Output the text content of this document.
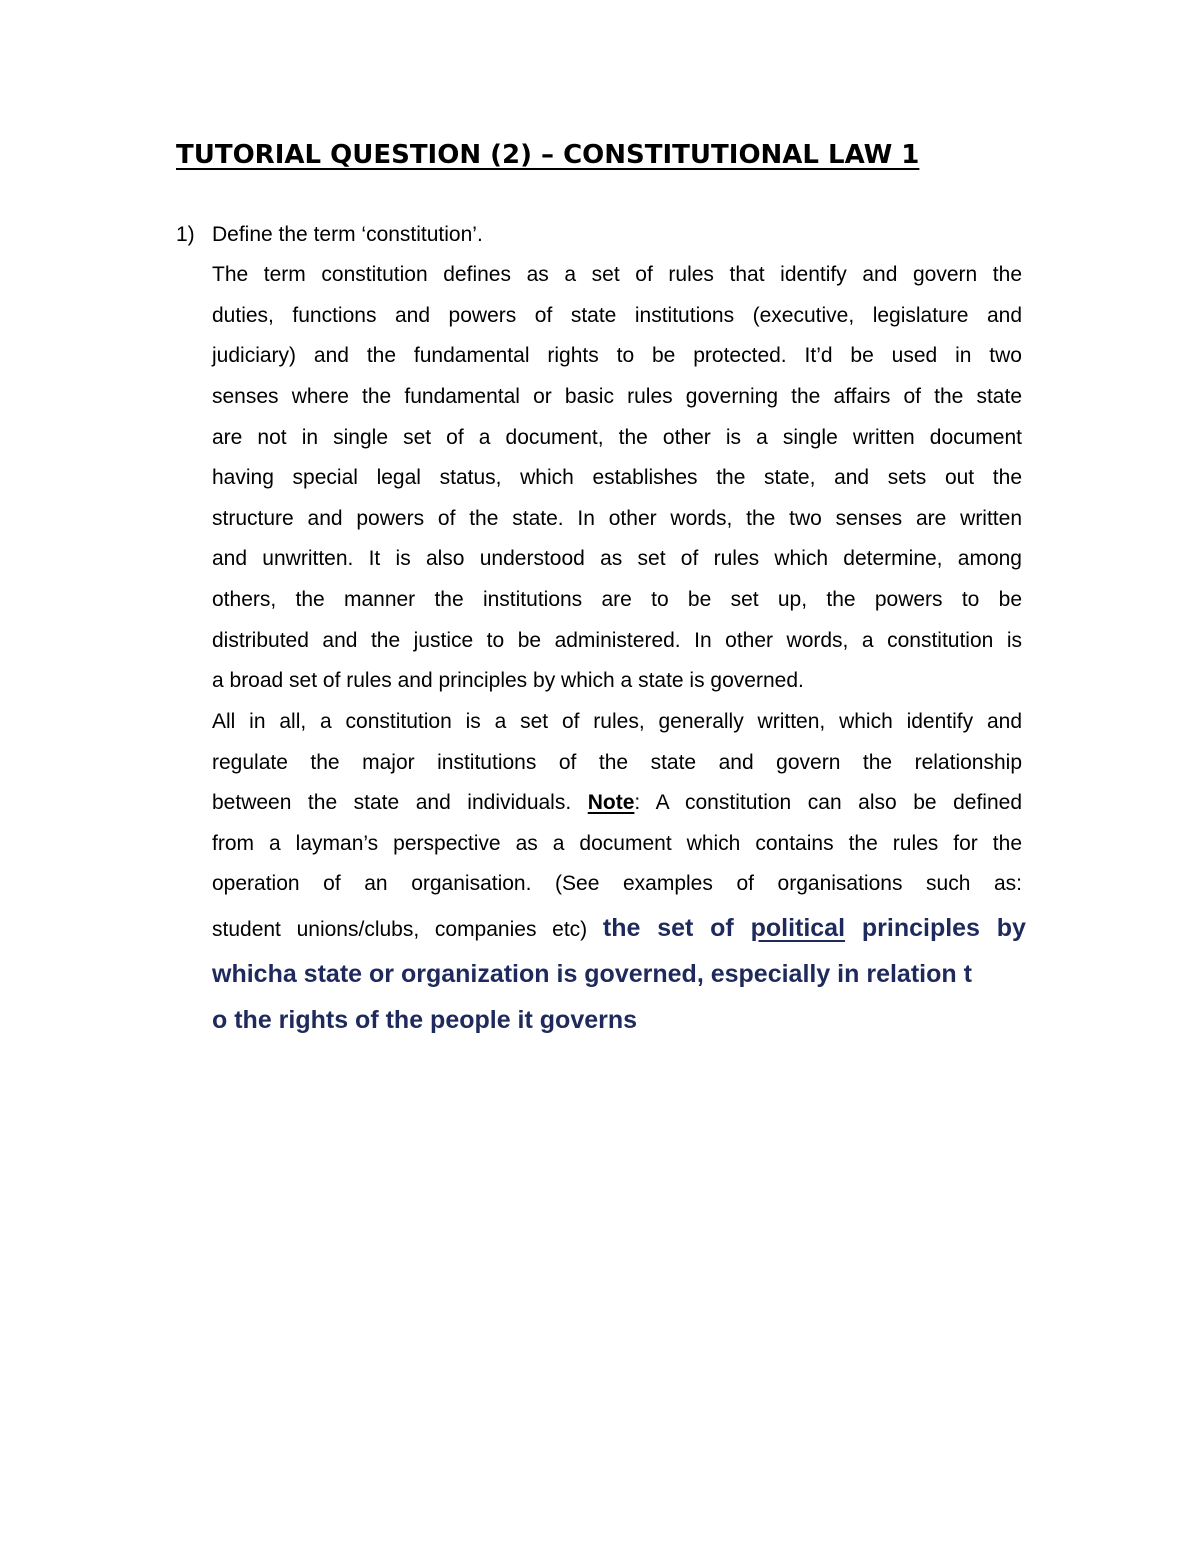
TUTORIAL QUESTION (2) – CONSTITUTIONAL LAW 1
1) Define the term ‘constitution’.
The term constitution defines as a set of rules that identify and govern the
duties, functions and powers of state institutions (executive, legislature and
judiciary) and the fundamental rights to be protected. It’d be used in two
senses where the fundamental or basic rules governing the affairs of the state
are not in single set of a document, the other is a single written document
having special legal status, which establishes the state, and sets out the
structure and powers of the state. In other words, the two senses are written
and unwritten. It is also understood as set of rules which determine, among
others, the manner the institutions are to be set up, the powers to be
distributed and the justice to be administered. In other words, a constitution is
a broad set of rules and principles by which a state is governed.
All in all, a constitution is a set of rules, generally written, which identify and
regulate the major institutions of the state and govern the relationship
between the state and individuals. Note: A constitution can also be defined
from a layman’s perspective as a document which contains the rules for the
operation of an organisation. (See examples of organisations such as:
student unions/clubs, companies etc) the set of political principles by
whicha state or organization is governed, especially in relation t
o the rights of the people it governs
